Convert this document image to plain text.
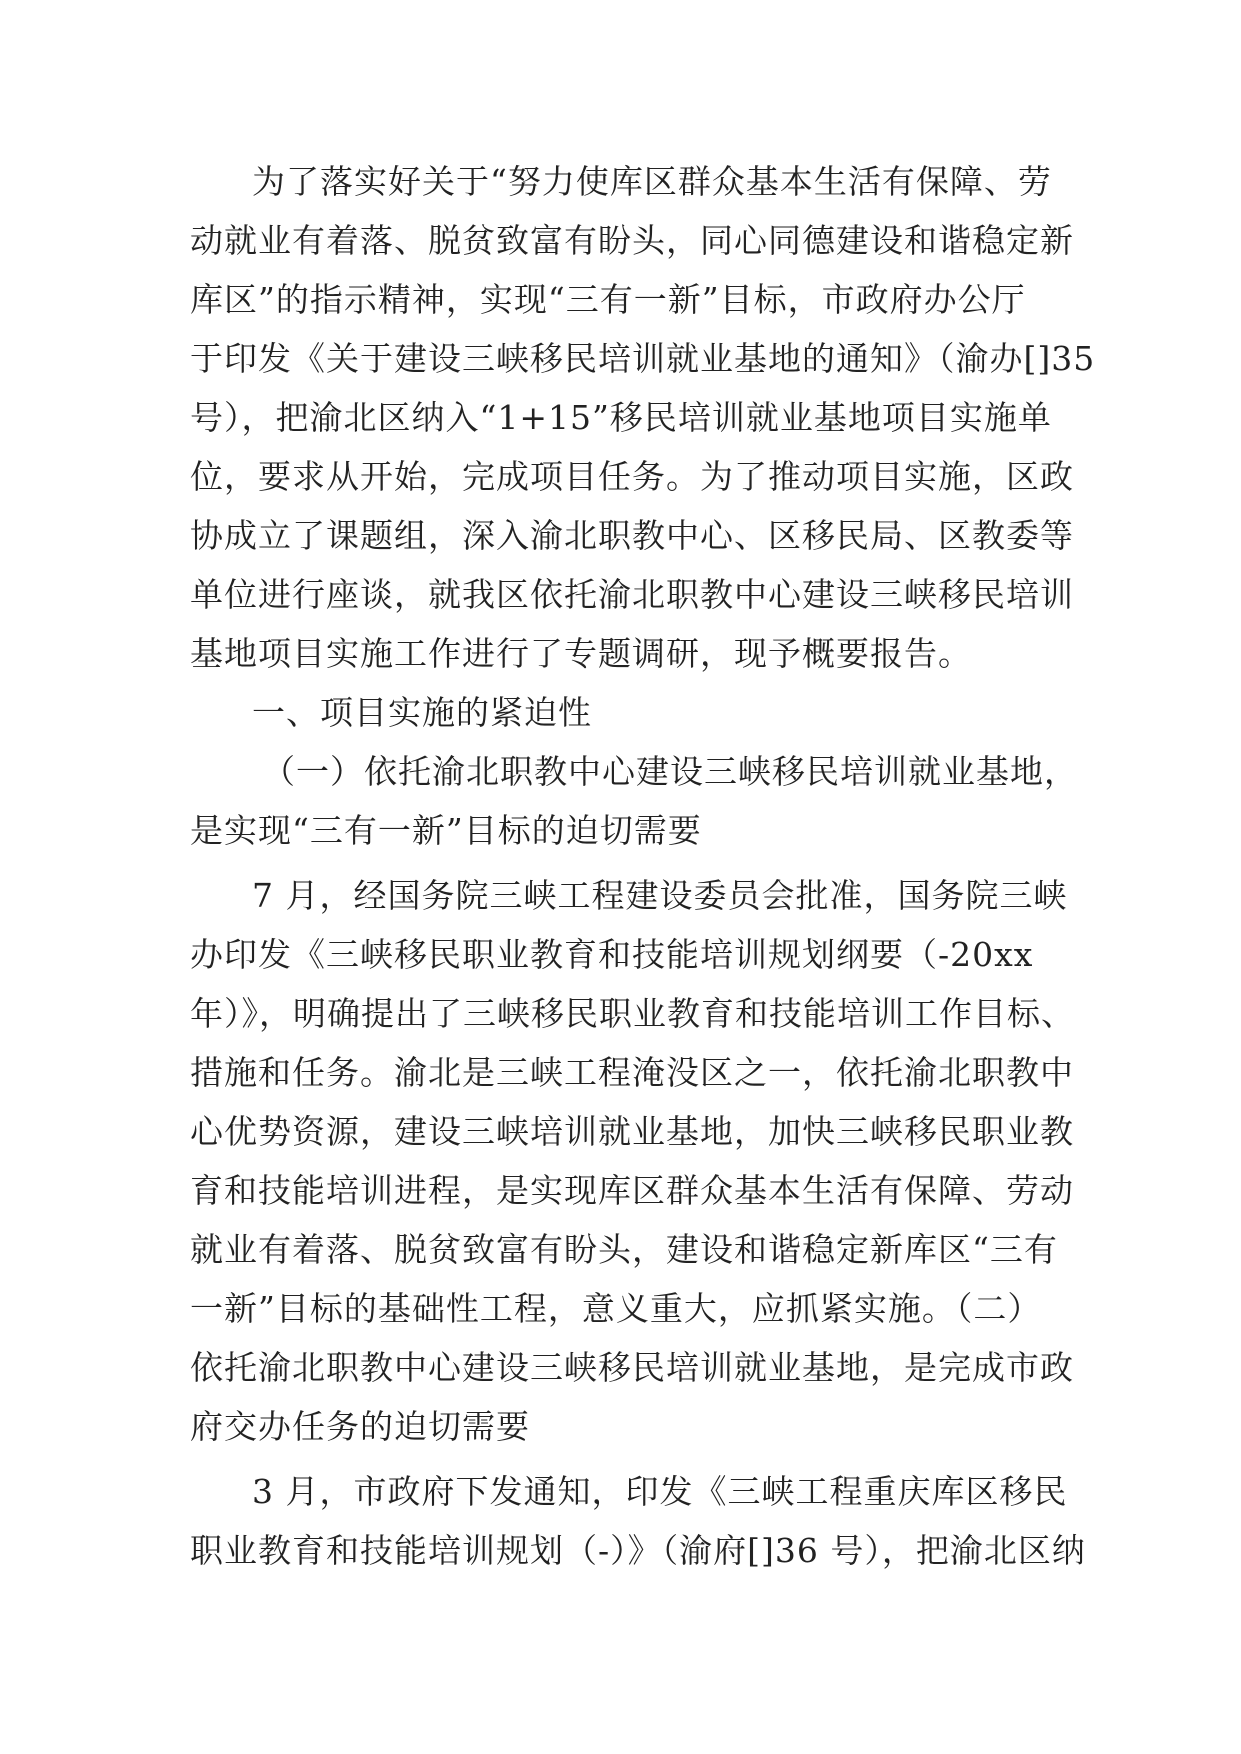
为了落实好关于“努力使库区群众基本生活有保障、劳
动就业有着落、脱贫致富有盼头，同心同德建设和谐稳定新
库区”的指示精神，实现“三有一新”目标，市政府办公厅
于印发《关于建设三峡移民培训就业基地的通知》（渝办[]35
号），把渝北区纳入“1+15”移民培训就业基地项目实施单
位，要求从开始，完成项目任务。为了推动项目实施，区政
协成立了课题组，深入渝北职教中心、区移民局、区教委等
单位进行座谈，就我区依托渝北职教中心建设三峡移民培训
基地项目实施工作进行了专题调研，现予概要报告。
一、项目实施的紧迫性
（一）依托渝北职教中心建设三峡移民培训就业基地，
是实现“三有一新”目标的迫切需要
7 月，经国务院三峡工程建设委员会批准，国务院三峡
办印发《三峡移民职业教育和技能培训规划纲要（-20xx
年）》，明确提出了三峡移民职业教育和技能培训工作目标、
措施和任务。渝北是三峡工程淹没区之一，依托渝北职教中
心优势资源，建设三峡培训就业基地，加快三峡移民职业教
育和技能培训进程，是实现库区群众基本生活有保障、劳动
就业有着落、脱贫致富有盼头，建设和谐稳定新库区“三有
一新”目标的基础性工程，意义重大，应抓紧实施。（二）
依托渝北职教中心建设三峡移民培训就业基地，是完成市政
府交办任务的迫切需要
3 月，市政府下发通知，印发《三峡工程重庆库区移民
职业教育和技能培训规划（-）》（渝府[]36 号），把渝北区纳
